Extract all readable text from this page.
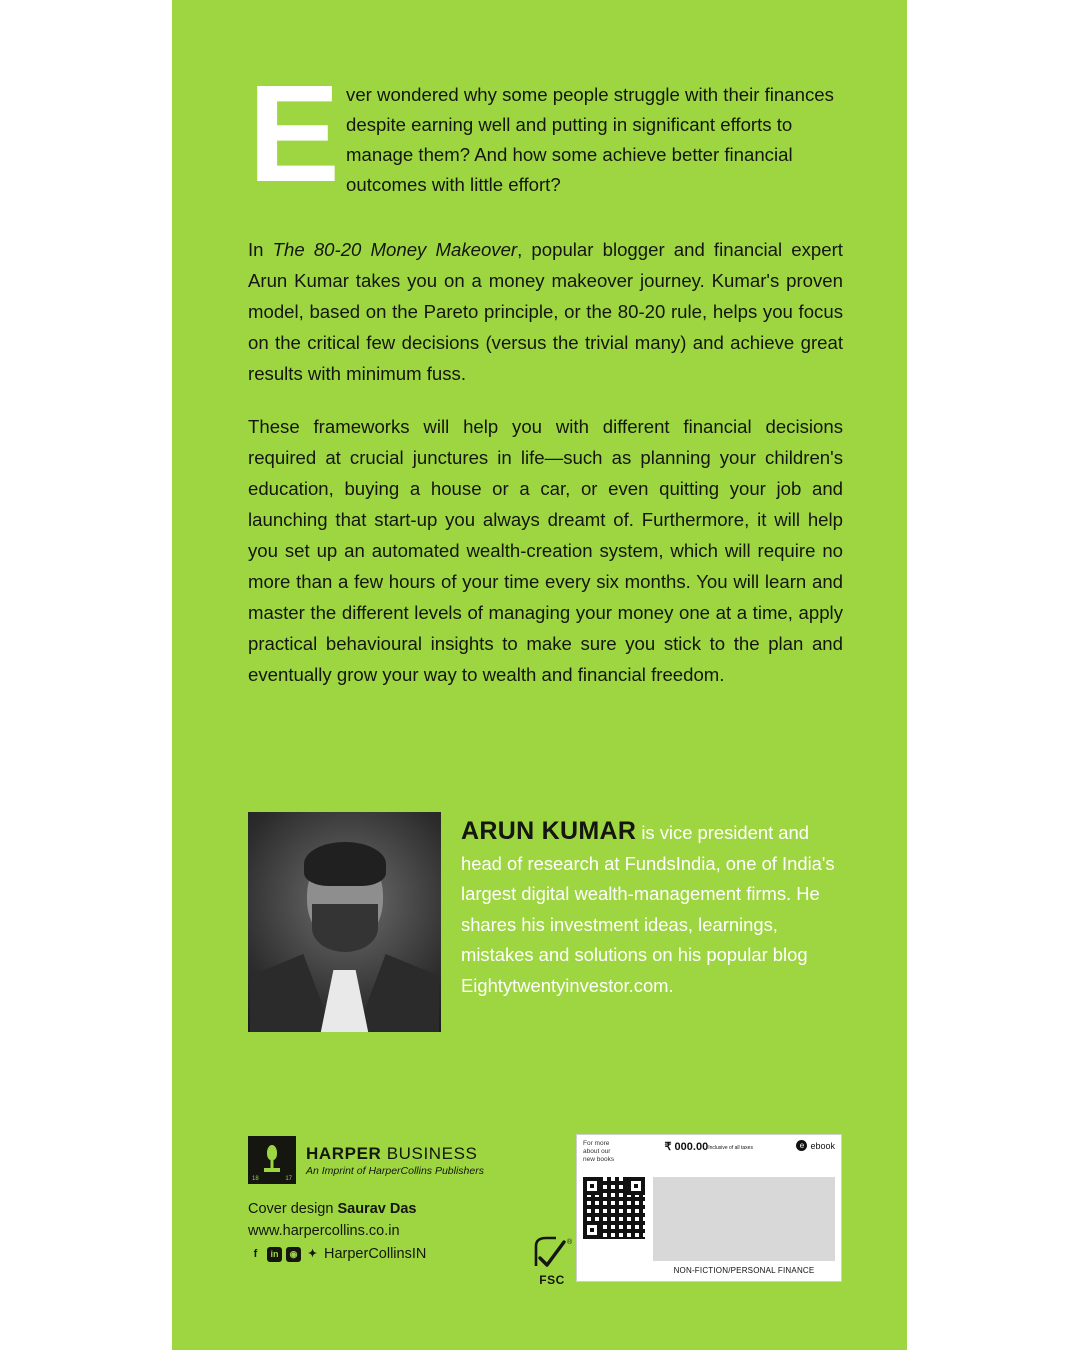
Ever wondered why some people struggle with their finances despite earning well and putting in significant efforts to manage them? And how some achieve better financial outcomes with little effort?

In The 80-20 Money Makeover, popular blogger and financial expert Arun Kumar takes you on a money makeover journey. Kumar's proven model, based on the Pareto principle, or the 80-20 rule, helps you focus on the critical few decisions (versus the trivial many) and achieve great results with minimum fuss.

These frameworks will help you with different financial decisions required at crucial junctures in life—such as planning your children's education, buying a house or a car, or even quitting your job and launching that start-up you always dreamt of. Furthermore, it will help you set up an automated wealth-creation system, which will require no more than a few hours of your time every six months. You will learn and master the different levels of managing your money one at a time, apply practical behavioural insights to make sure you stick to the plan and eventually grow your way to wealth and financial freedom.

ARUN KUMAR is vice president and head of research at FundsIndia, one of India's largest digital wealth-management firms. He shares his investment ideas, learnings, mistakes and solutions on his popular blog Eightytwentyinvestor.com.
18	17
HARPER BUSINESS
An Imprint of HarperCollins Publishers
Cover design Saurav Das
www.harpercollins.co.in
f	in	◉ ✦ HarperCollinsIN
®
FSC
For more about our new books
₹ 000.00Inclusive of all taxes	e ebook
NON-FICTION/PERSONAL FINANCE
